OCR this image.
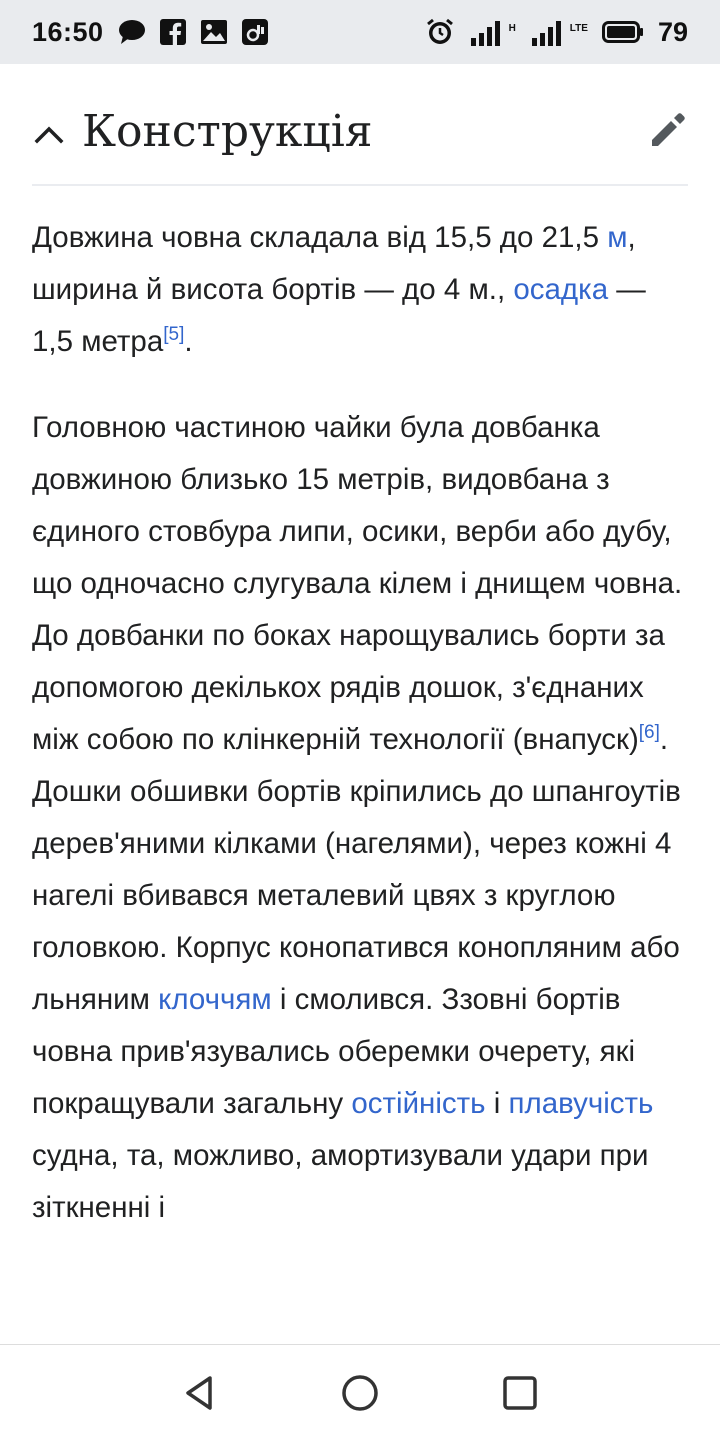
16:50	H	LTE	79
Конструкція

Довжина човна складала від 15,5 до 21,5 м, ширина й висота бортів — до 4 м., осадка — 1,5 метра[5].

Головною частиною чайки була довбанка довжиною близько 15 метрів, видовбана з єдиного стовбура липи, осики, верби або дубу, що одночасно слугувала кілем і днищем човна. До довбанки по боках нарощувались борти за допомогою декількох рядів дошок, з'єднаних між собою по клінкерній технології (внапуск)[6]. Дошки обшивки бортів кріпились до шпангоутів дерев'яними кілками (нагелями), через кожні 4 нагелі вбивався металевий цвях з круглою головкою. Корпус конопатився конопляним або льняним клоччям і смолився. Ззовні бортів човна прив'язувались оберемки очерету, які покращували загальну остійність і плавучість судна, та, можливо, амортизували удари при зіткненні і
